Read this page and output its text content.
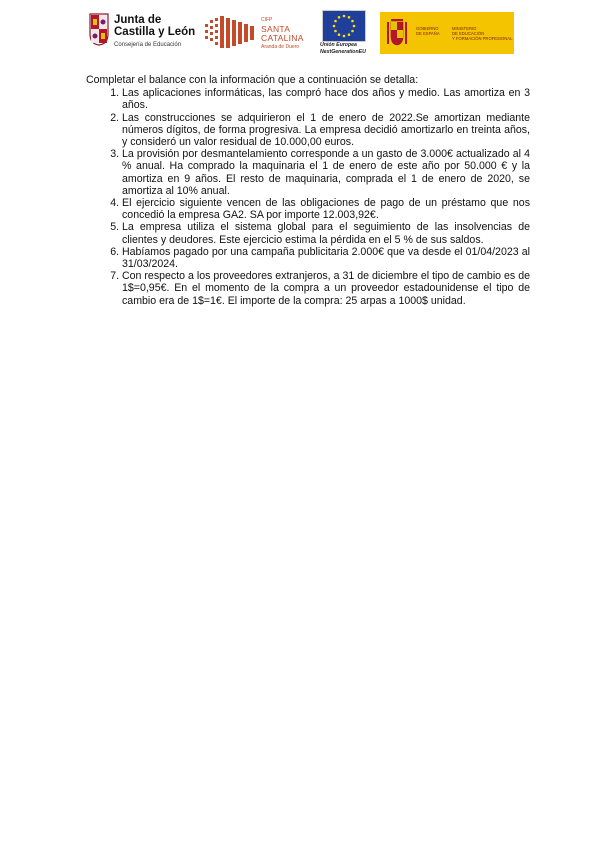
Junta de
Castilla y León
Consejería de Educación
CIFP
SANTA
CATALINA
Aranda de Duero	Unión Europea
NextGenerationEU
GOBIERNO
DE ESPAÑA
MINISTERIO
DE EDUCACIÓN
Y FORMACIÓN PROFESIONAL

Completar el balance con la información que a continuación se detalla:

1. Las aplicaciones informáticas, las compró hace dos años y medio. Las amortiza en 3 años.
2. Las construcciones se adquirieron el 1 de enero de 2022.Se amortizan mediante números dígitos, de forma progresiva. La empresa decidió amortizarlo en treinta años, y consideró un valor residual de 10.000,00 euros.
3. La provisión por desmantelamiento corresponde a un gasto de 3.000€ actualizado al 4 % anual. Ha comprado la maquinaria el 1 de enero de este año por 50.000 € y la amortiza en 9 años. El resto de maquinaria, comprada el 1 de enero de 2020, se amortiza al 10% anual.
4. El ejercicio siguiente vencen de las obligaciones de pago de un préstamo que nos concedió la empresa GA2. SA por importe 12.003,92€.
5. La empresa utiliza el sistema global para el seguimiento de las insolvencias de clientes y deudores. Este ejercicio estima la pérdida en el 5 % de sus saldos.
6. Habíamos pagado por una campaña publicitaria 2.000€ que va desde el 01/04/2023 al 31/03/2024.
7. Con respecto a los proveedores extranjeros, a 31 de diciembre el tipo de cambio es de 1$=0,95€. En el momento de la compra a un proveedor estadounidense el tipo de cambio era de 1$=1€. El importe de la compra: 25 arpas a 1000$ unidad.
